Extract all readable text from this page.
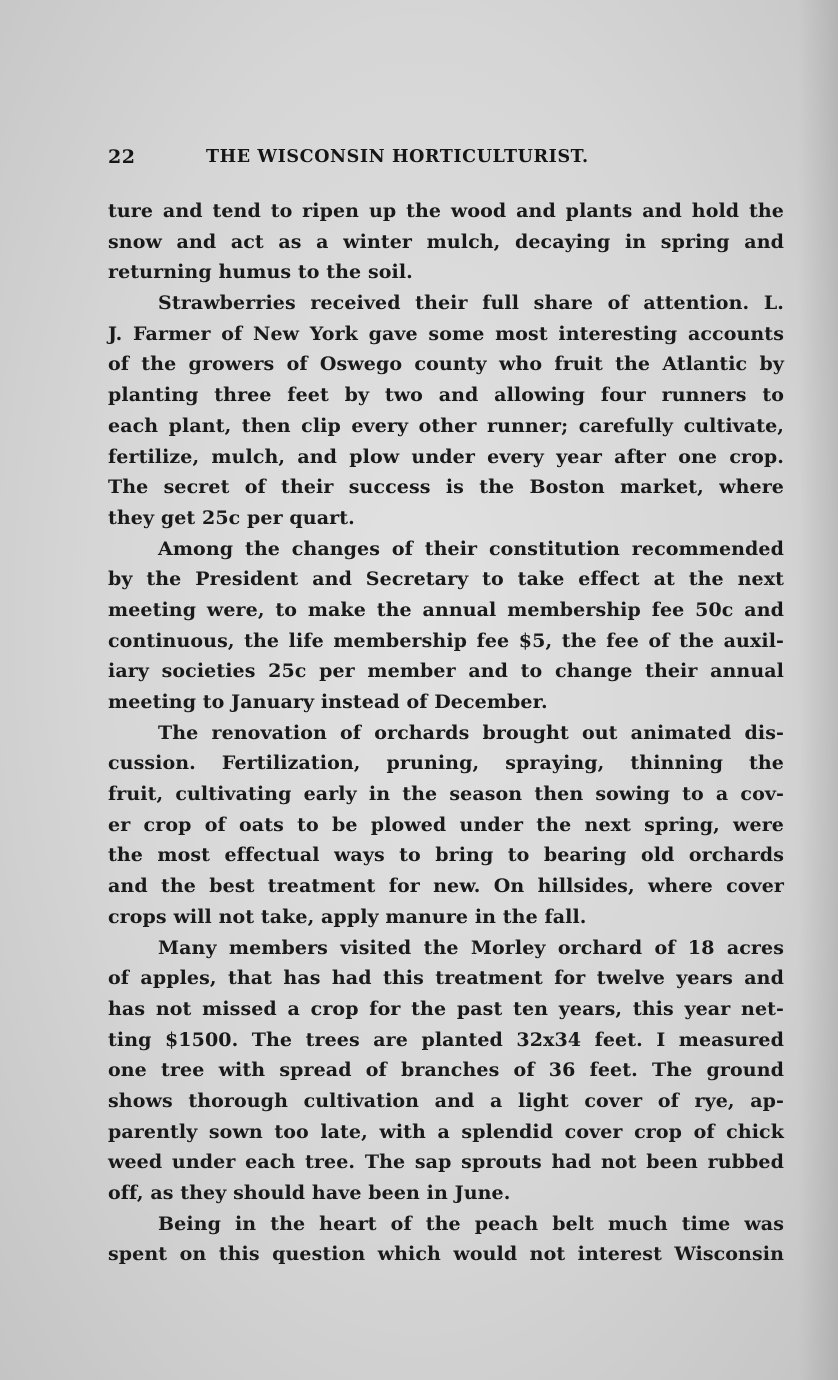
22	THE WISCONSIN HORTICULTURIST.
ture and tend to ripen up the wood and plants and hold the
snow and act as a winter mulch, decaying in spring and
returning humus to the soil.
Strawberries received their full share of attention. L.
J. Farmer of New York gave some most interesting accounts
of the growers of Oswego county who fruit the Atlantic by
planting three feet by two and allowing four runners to
each plant, then clip every other runner; carefully cultivate,
fertilize, mulch, and plow under every year after one crop.
The secret of their success is the Boston market, where
they get 25c per quart.
Among the changes of their constitution recommended
by the President and Secretary to take effect at the next
meeting were, to make the annual membership fee 50c and
continuous, the life membership fee $5, the fee of the auxil-
iary societies 25c per member and to change their annual
meeting to January instead of December.
The renovation of orchards brought out animated dis-
cussion. Fertilization, pruning, spraying, thinning the
fruit, cultivating early in the season then sowing to a cov-
er crop of oats to be plowed under the next spring, were
the most effectual ways to bring to bearing old orchards
and the best treatment for new. On hillsides, where cover
crops will not take, apply manure in the fall.
Many members visited the Morley orchard of 18 acres
of apples, that has had this treatment for twelve years and
has not missed a crop for the past ten years, this year net-
ting $1500. The trees are planted 32x34 feet. I measured
one tree with spread of branches of 36 feet. The ground
shows thorough cultivation and a light cover of rye, ap-
parently sown too late, with a splendid cover crop of chick
weed under each tree. The sap sprouts had not been rubbed
off, as they should have been in June.
Being in the heart of the peach belt much time was
spent on this question which would not interest Wisconsin
